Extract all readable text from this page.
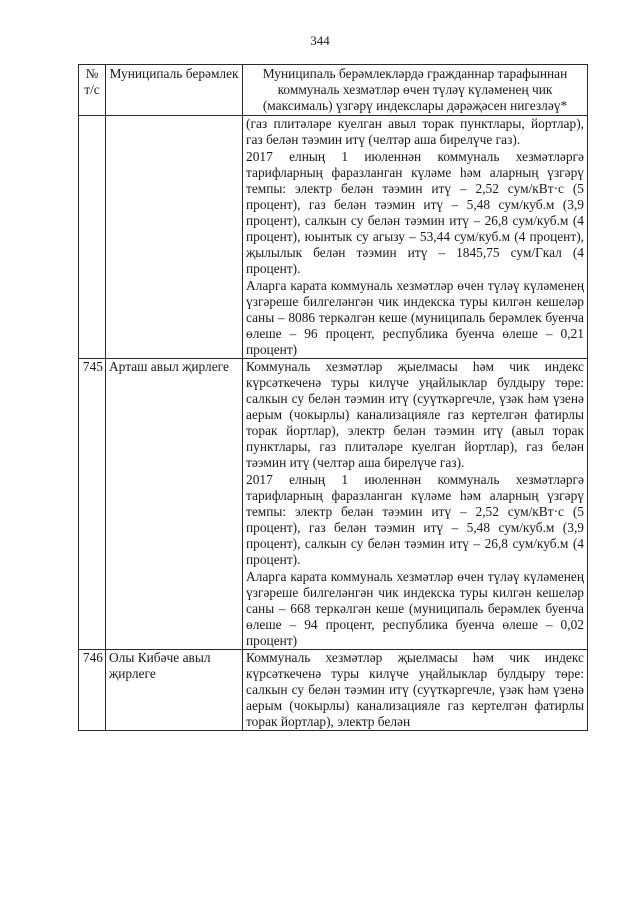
344
№ т/с	Муниципаль берәмлек	Муниципаль берәмлекләрдә гражданнар тарафыннан коммуналь хезмәтләр өчен түләү күләменең чик (максималь) үзгәрү индекслары дәрәҗәсен нигезләү*

		(газ плитәләре куелган авыл торак пунктлары, йортлар), газ белән тәэмин итү (челтәр аша бирелүче газ).

2017 елның 1 июленнән коммуналь хезмәтләргә тарифларның фаразланган күләме һәм аларның үзгәрү темпы: электр белән тәэмин итү – 2,52 сум/кВт·с (5 процент), газ белән тәэмин итү – 5,48 сум/куб.м (3,9 процент), салкын су белән тәэмин итү – 26,8 сум/куб.м (4 процент), юынтык су агызу – 53,44 сум/куб.м (4 процент), җылылык белән тәэмин итү – 1845,75 сум/Гкал (4 процент).

Аларга карата коммуналь хезмәтләр өчен түләү күләменең үзгәреше билгеләнгән чик индекска туры килгән кешеләр саны – 8086 теркәлгән кеше (муниципаль берәмлек буенча өлеше – 96 процент, республика буенча өлеше – 0,21 процент)

745	Арташ авыл җирлеге	Коммуналь хезмәтләр җыелмасы һәм чик индекс күрсәткеченә туры килүче уңайлыклар булдыру төре: салкын су белән тәэмин итү (суүткәргечле, үзәк һәм үзенә аерым (чокырлы) канализацияле газ кертелгән фатирлы торак йортлар), электр белән тәэмин итү (авыл торак пунктлары, газ плитәләре куелган йортлар), газ белән тәэмин итү (челтәр аша бирелүче газ).

2017 елның 1 июленнән коммуналь хезмәтләргә тарифларның фаразланган күләме һәм аларның үзгәрү темпы: электр белән тәэмин итү – 2,52 сум/кВт·с (5 процент), газ белән тәэмин итү – 5,48 сум/куб.м (3,9 процент), салкын су белән тәэмин итү – 26,8 сум/куб.м (4 процент).

Аларга карата коммуналь хезмәтләр өчен түләү күләменең үзгәреше билгеләнгән чик индекска туры килгән кешеләр саны – 668 теркәлгән кеше (муниципаль берәмлек буенча өлеше – 94 процент, республика буенча өлеше – 0,02 процент)

746	Олы Кибәче авыл җирлеге	Коммуналь хезмәтләр җыелмасы һәм чик индекс күрсәткеченә туры килүче уңайлыклар булдыру төре: салкын су белән тәэмин итү (суүткәргечле, үзәк һәм үзенә аерым (чокырлы) канализацияле газ кертелгән фатирлы торак йортлар), электр белән
